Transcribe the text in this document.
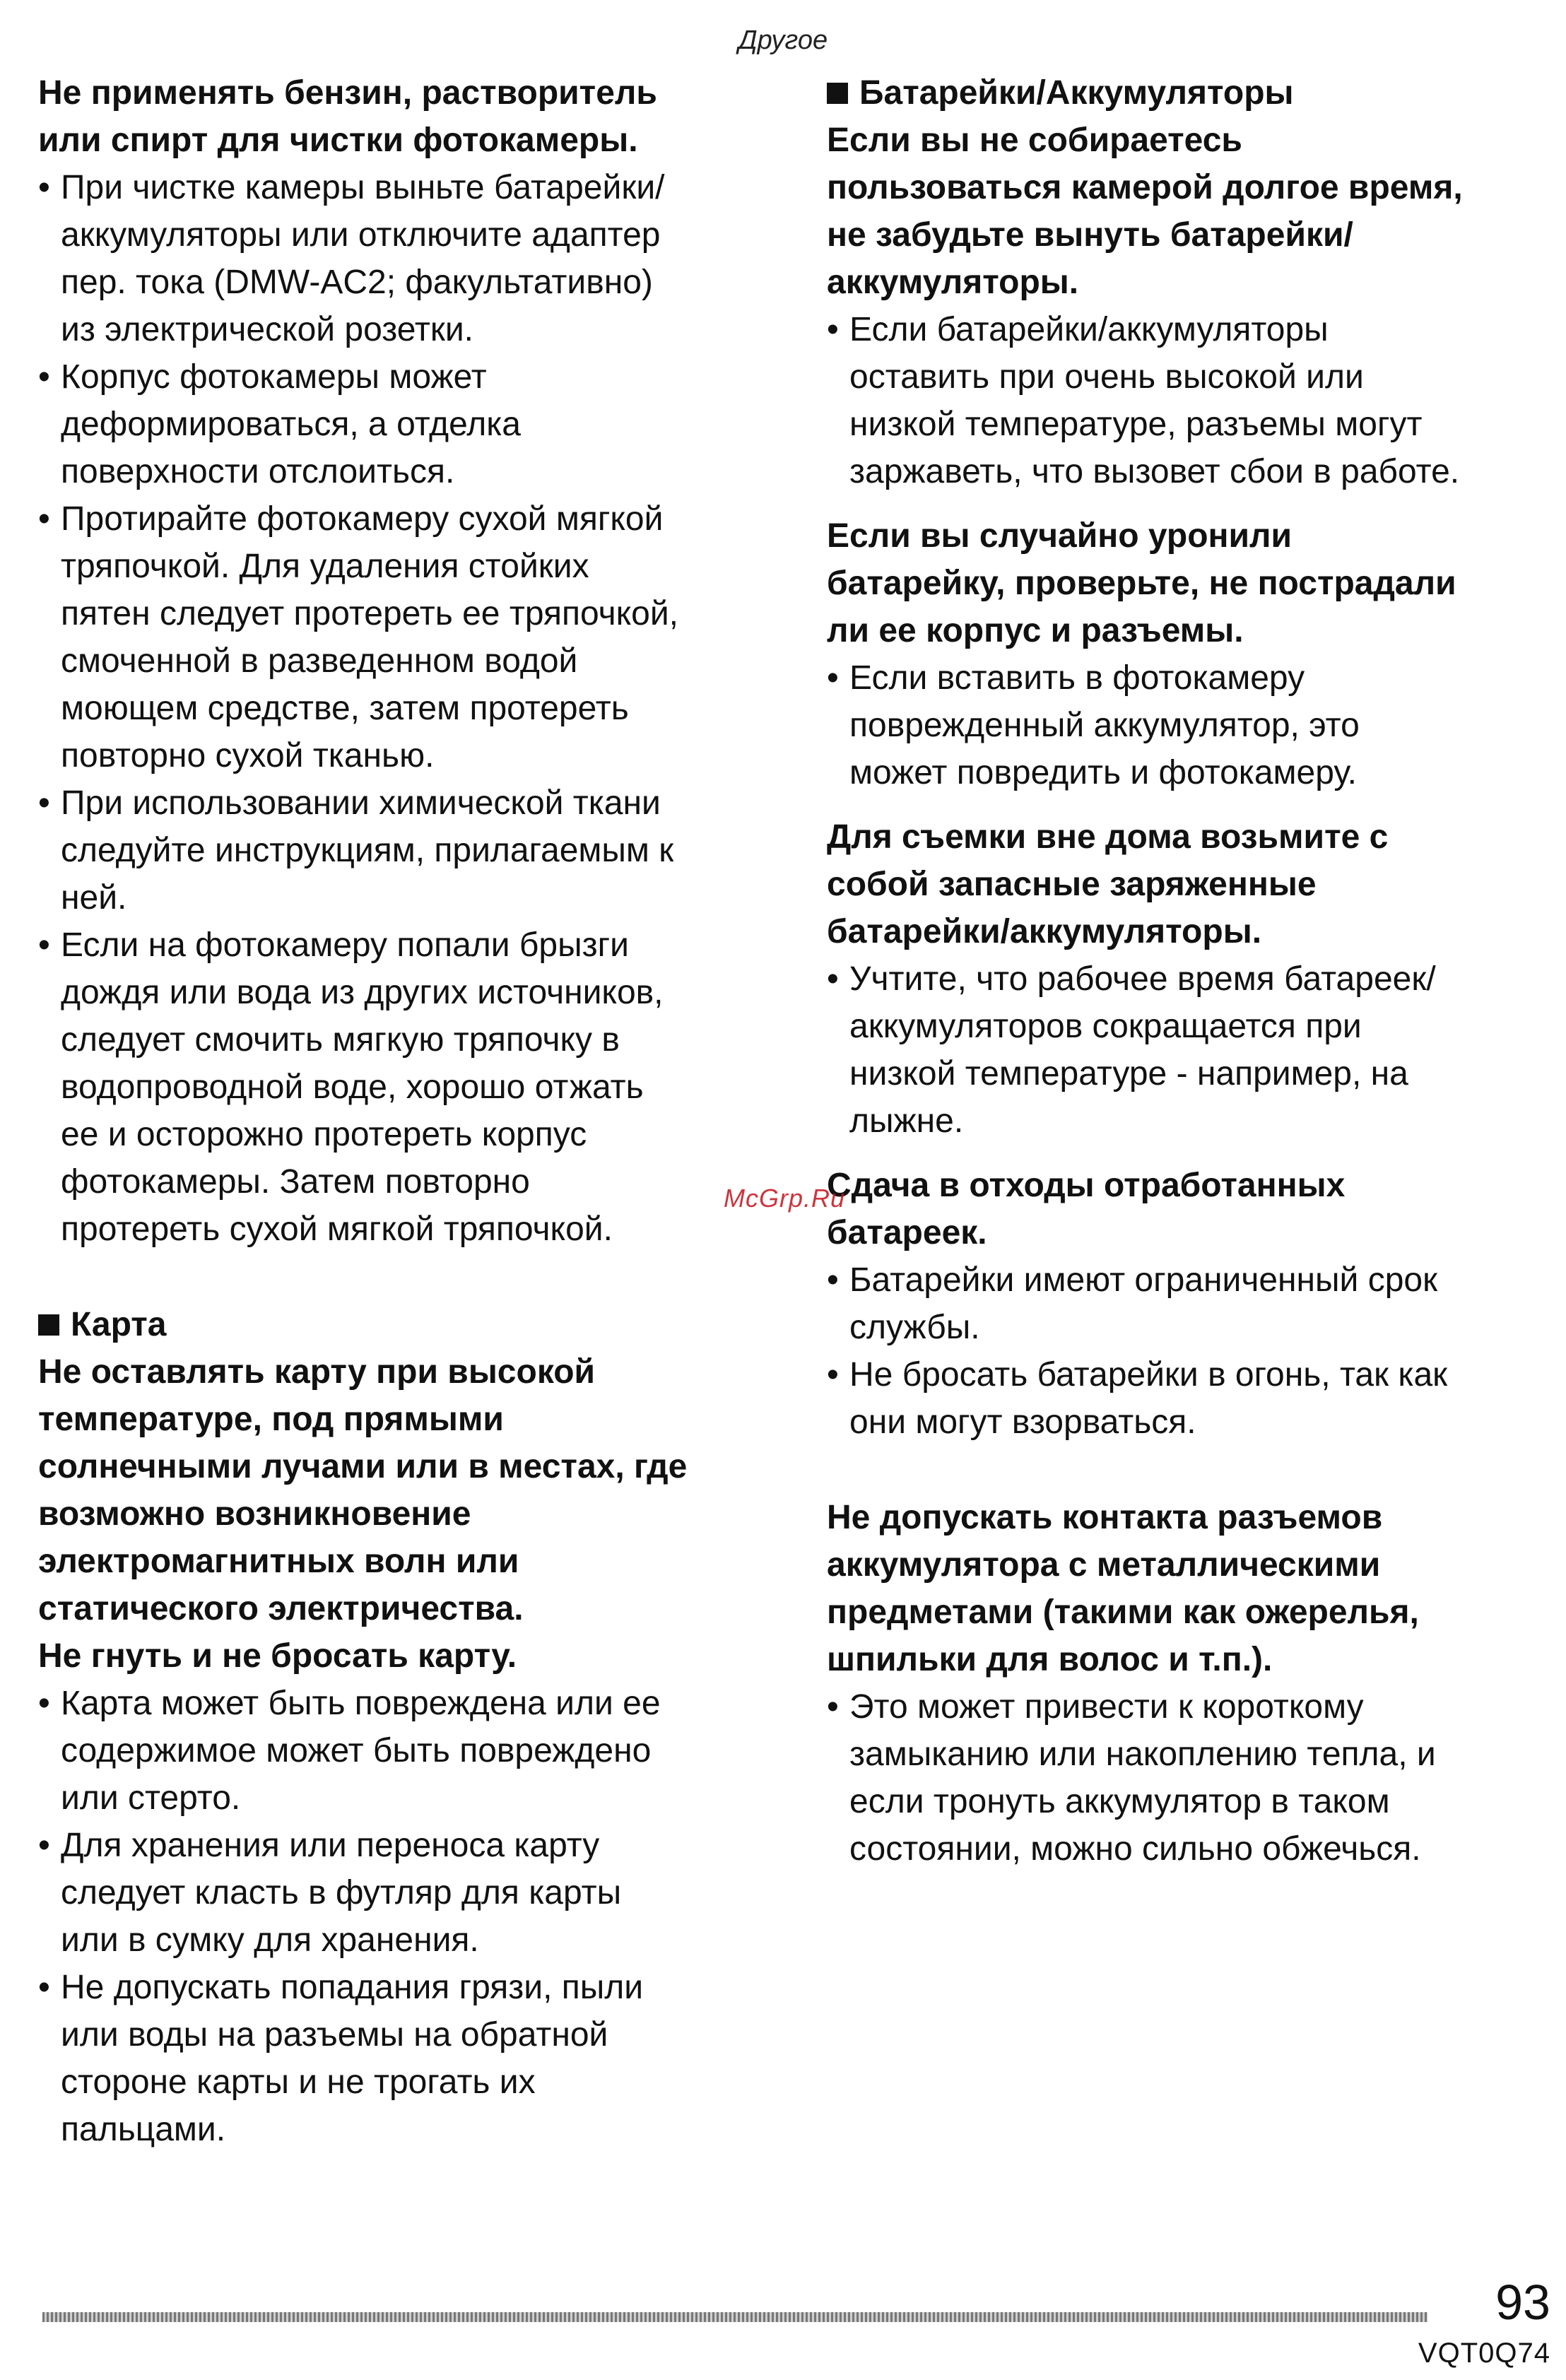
Другое

Не применять бензин, растворитель
или спирт для чистки фотокамеры.

• При чистке камеры выньте батарейки/
аккумуляторы или отключите адаптер
пер. тока (DMW-AC2; факультативно)
из электрической розетки.
• Корпус фотокамеры может
деформироваться, а отделка
поверхности отслоиться.
• Протирайте фотокамеру сухой мягкой
тряпочкой. Для удаления стойких
пятен следует протереть ее тряпочкой,
смоченной в разведенном водой
моющем средстве, затем протереть
повторно сухой тканью.
• При использовании химической ткани
следуйте инструкциям, прилагаемым к
ней.
• Если на фотокамеру попали брызги
дождя или вода из других источников,
следует смочить мягкую тряпочку в
водопроводной воде, хорошо отжать
ее и осторожно протереть корпус
фотокамеры. Затем повторно
протереть сухой мягкой тряпочкой.

Карта

Не оставлять карту при высокой
температуре, под прямыми
солнечными лучами или в местах, где
возможно возникновение
электромагнитных волн или
статического электричества.

Не гнуть и не бросать карту.

• Карта может быть повреждена или ее
содержимое может быть повреждено
или стерто.
• Для хранения или переноса карту
следует класть в футляр для карты
или в сумку для хранения.
• Не допускать попадания грязи, пыли
или воды на разъемы на обратной
стороне карты и не трогать их
пальцами.

Батарейки/Аккумуляторы

Если вы не собираетесь
пользоваться камерой долгое время,
не забудьте вынуть батарейки/
аккумуляторы.

• Если батарейки/аккумуляторы
оставить при очень высокой или
низкой температуре, разъемы могут
заржаветь, что вызовет сбои в работе.

Если вы случайно уронили
батарейку, проверьте, не пострадали
ли ее корпус и разъемы.

• Если вставить в фотокамеру
поврежденный аккумулятор, это
может повредить и фотокамеру.

Для съемки вне дома возьмите с
собой запасные заряженные
батарейки/аккумуляторы.

• Учтите, что рабочее время батареек/
аккумуляторов сокращается при
низкой температуре - например, на
лыжне.

Сдача в отходы отработанных
батареек.

• Батарейки имеют ограниченный срок
службы.
• Не бросать батарейки в огонь, так как
они могут взорваться.

Не допускать контакта разъемов
аккумулятора с металлическими
предметами (такими как ожерелья,
шпильки для волос и т.п.).

• Это может привести к короткому
замыканию или накоплению тепла, и
если тронуть аккумулятор в таком
состоянии, можно сильно обжечься.
McGrp.Ru
93
VQT0Q74
